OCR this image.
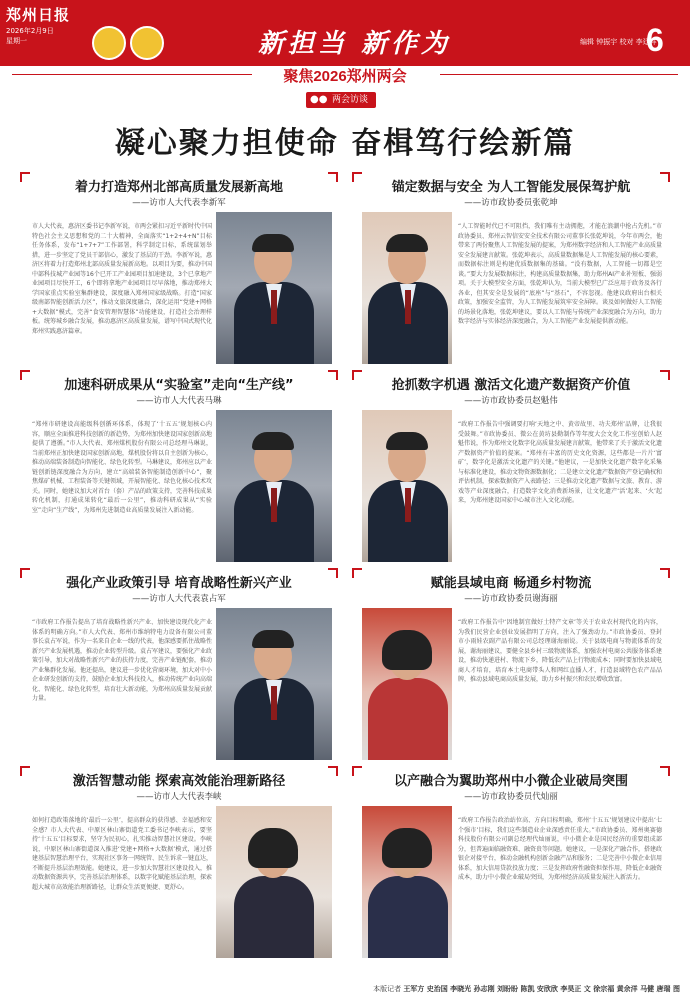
郑州日报
2026年2月9日
星期一	新担当 新作为	编辑 钟振宇 校对 李廷祥
6
聚焦2026郑州两会
●● 两会访谈
凝心聚力担使命 奋楫笃行绘新篇
着力打造郑州北部高质量发展新高地
——访市人大代表李新军
市人大代表，惠济区委书记李新军说，市两会紧扣习近平新时代中国特色社会主义思想和党的二十大精神，全面落实“1+2+4+N”目标任务体系，发布“1+7+7”工作部署，科学制定目标，系统谋划举措，进一步坚定了党员干部信心，激发了基层的干劲。李新军说，惠济区将着力打造郑州北部高质量发展新高地。以项目为要，推动中国中部科技城产业园等16个已开工产业园项目加速建设，3个已拿地产业园项目尽快开工，6个即将拿地产业园项目尽早落地，推动郑州大学国家重点实验室集群建设，深度融入郑州国家级战略。打造“国家级南部智能创新活力区”，推动文旅深度融合，深化运用“党建+网格+大数据”模式，完善“食安管理智慧体”功能建设，打造社会治理样板。统筹城乡融合发展，推动惠济区高质量发展，谱写中国式现代化郑州实践惠济篇章。
锚定数据与安全 为人工智能发展保驾护航
——访市政协委员张乾坤
“人工智能时代已不可阻挡，我们唯有主动拥抱，才能在浪潮中抢占先机。”市政协委员、郑州云智信安安全技术有限公司董事长张乾坤说，今年市两会，他带来了两份聚焦人工智能发展的提案，为郑州数字经济和人工智能产业高质量安全发展建言献策。张乾坤表示，高质量数据集是人工智能发展的核心要素，而数据标注则是构建优质数据集的基础。“没有数据，人工智能一切都是空谈。”要大力发展数据标注，构建高质量数据集，助力郑州AI产业补短板、强弱项。关于大模型安全方面，张乾坤认为，当前大模型已广泛应用于政务及各行各业，但其安全是发展的“底座”与“基石”，不容忽视。他建议政府出台相关政策，加强安全监管，为人工智能发展筑牢安全屏障。谈及如何做好人工智能的场景化落地，张乾坤建议，要以人工智能与传统产业深度融合为方向，助力数字经济与实体经济深度融合，为人工智能产业发展提供新动能。
加速科研成果从“实验室”走向“生产线”
——访市人大代表马琳
“郑州市研建设高能级科创循环体系，体现了‘十五五’规划核心内容，顺应全面推进科技创新的新趋势，为郑州加快建设国家创新高地提供了遵循。”市人大代表、郑州煤机股份有限公司总经理马琳说，当前郑州正加快建设国家创新高地，煤机股份将以自主创新为核心，推动高端装备制造向智能化、绿色化转型。马琳建议，郑州应以产业链创新链深度融合为方向，建立“高端装备智能制造创新中心”，聚焦煤矿机械、工程装备等关键领域，开展智能化、绿色化核心技术攻关。同时，她建议加大对首台（套）产品的政策支持，完善科技成果转化机制，打通成果转化“最后一公里”，推动科研成果从“实验室”走向“生产线”，为郑州先进制造业高质量发展注入新动能。
抢抓数字机遇 激活文化遗产数据资产价值
——访市政协委员赵魁伟
“政府工作报告中强调要打响‘天地之中、黄帝故里、功夫郑州’品牌，让我很受鼓舞。”市政协委员、微公在黄坊县勤制作等年度大会文化工作室创始人赵魁伟说，作为郑州文化数字化高质量发展建言献策，他带来了关于激活文化遗产数据资产价值的提案。“郑州有丰富的历史文化资源，这些都是一片片‘富矿’，数字化是激活文化遗产的关键。”他建议，一是加快文化遗产数字化采集与标准化建设，推动文物资源数据化；二是建立文化遗产数据资产登记确权和评估机制，探索数据资产入表路径；三是推动文化遗产数据与文旅、教育、游戏等产业深度融合，打造数字文化消费新场景，让文化遗产‘活’起来、‘火’起来，为郑州建设国家中心城市注入文化动能。
强化产业政策引导 培育战略性新兴产业
——访市人大代表袁占军
“市政府工作报告提出了培育战略性新兴产业、加快建设现代化产业体系的明确方向。”市人大代表、郑州市维纳特电力设备有限公司董事长袁占军说，作为一名来自企业一线的代表，他深感要抓住战略性新兴产业发展机遇，推动企业转型升级。袁占军建议，要强化产业政策引导，加大对战略性新兴产业的扶持力度，完善产业链配套，推动产业集群化发展。他还提出，建议进一步优化营商环境，加大对中小企业研发创新的支持，鼓励企业加大科技投入，推动传统产业向高端化、智能化、绿色化转型，培育壮大新动能，为郑州高质量发展贡献力量。
赋能县域电商 畅通乡村物流
——访市政协委员谢海丽
“政府工作报告中‘因地制宜做好土特产文章’等关于农业农村现代化的内容，为我们民营企业创业发展指明了方向，注入了强劲动力。”市政协委员、登封市小雨娃农副产品有限公司总经理谢海丽说。关于县级电商与物流体系的发展，谢海丽建议，要健全县乡村三级物流体系，加强农村电商公共服务体系建设，推动快递进村、物流下乡，降低农产品上行物流成本；同时要加快县域电商人才培育，培育本土电商带头人和网红直播人才，打造县域特色农产品品牌，推动县域电商高质量发展，助力乡村振兴和农民增收致富。
激活智慧动能 探索高效能治理新路径
——访市人大代表李峡
如何打造政策落地的‘最后一公里’，提高群众的获得感、幸福感和安全感？市人大代表、中原区林山寨街道党工委书记李峡表示，要坚持‘十五五’目标要求，坚守为民初心，扎实推动智慧社区建设。李峡说，中原区林山寨街道深入推进‘党建+网格+大数据’模式，通过搭建基层智慧治理平台，实现社区事务一网统管、民生诉求一键直达，不断提升基层治理效能。她建议，进一步加大智慧社区建设投入，推动数据资源共享，完善基层治理体系，以数字化赋能基层治理，探索超大城市高效能治理新路径，让群众生活更便捷、更舒心。
以产融合为翼助郑州中小微企业破局突围
——访市政协委员代灿丽
“政府工作报告政治站位高、方向目标明确，郑州‘十五五’规划建议中提出‘七个强市’目标，我们这些制造业企业深感责任重大。”市政协委员、郑州奥赛德科技股份有限公司副总经理代灿丽说，中小微企业是国民经济的重要组成部分，但普遍面临融资难、融资贵等问题。她建议，一是深化产融合作，搭建政银企对接平台，推动金融机构创新金融产品和服务；二是完善中小微企业信用体系，加大信用贷款投放力度；三是发挥政府性融资担保作用，降低企业融资成本，助力中小微企业破局突围，为郑州经济高质量发展注入新活力。
本版记者 王军方 史治国 李晓光 孙志刚 刘盼盼 陈凯 安欣欣 李昊正 文 徐宗福 黄余洋 马健 唐瑞 图
